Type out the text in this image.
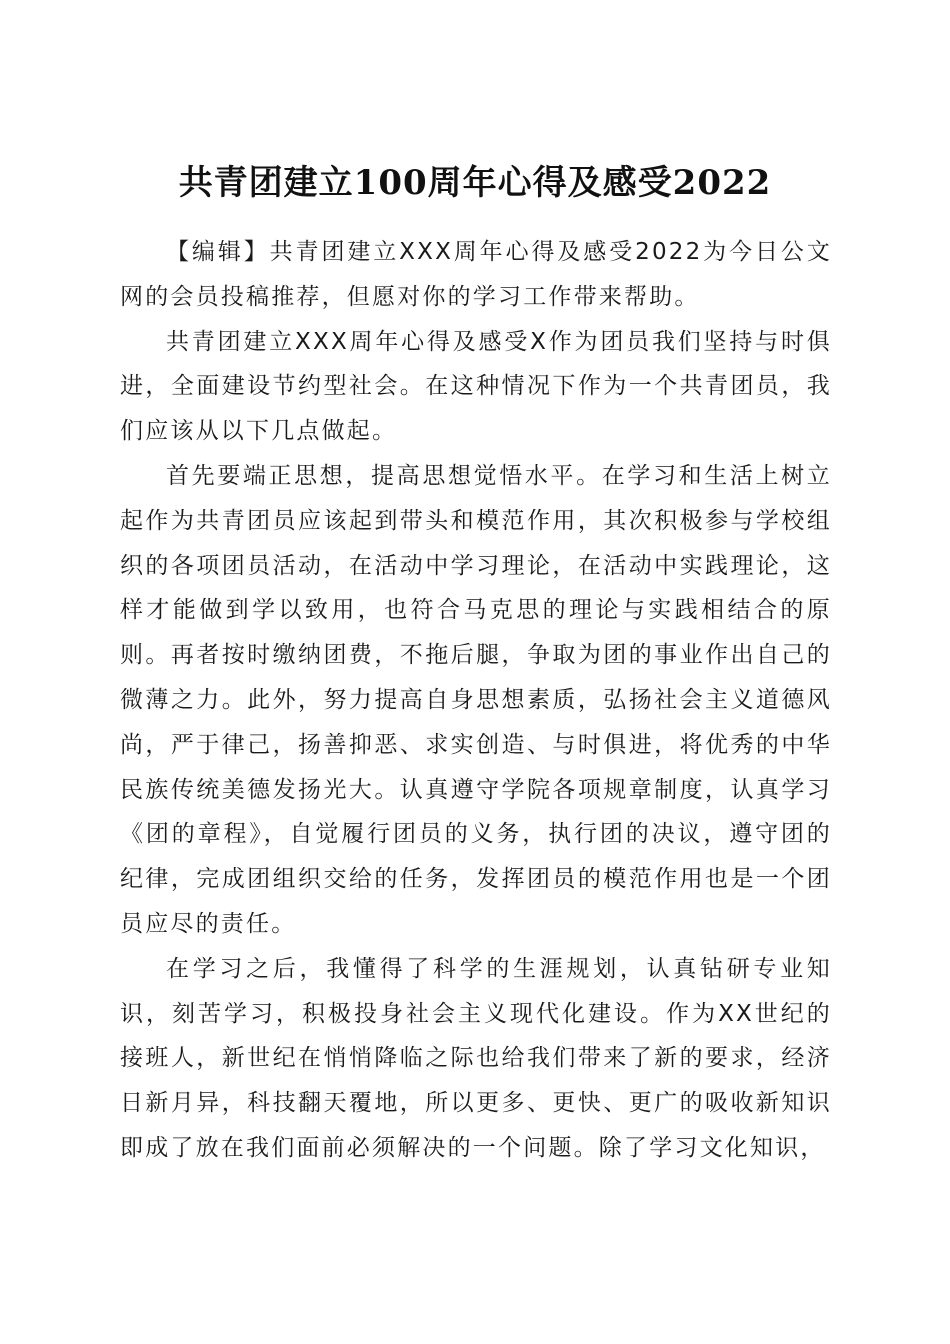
共青团建立100周年心得及感受2022

【编辑】共青团建立XXX周年心得及感受2022为今日公文网的会员投稿推荐，但愿对你的学习工作带来帮助。

共青团建立XXX周年心得及感受X作为团员我们坚持与时俱进，全面建设节约型社会。在这种情况下作为一个共青团员，我们应该从以下几点做起。

首先要端正思想，提高思想觉悟水平。在学习和生活上树立起作为共青团员应该起到带头和模范作用，其次积极参与学校组织的各项团员活动，在活动中学习理论，在活动中实践理论，这样才能做到学以致用，也符合马克思的理论与实践相结合的原则。再者按时缴纳团费，不拖后腿，争取为团的事业作出自己的微薄之力。此外，努力提高自身思想素质，弘扬社会主义道德风尚，严于律己，扬善抑恶、求实创造、与时俱进，将优秀的中华民族传统美德发扬光大。认真遵守学院各项规章制度，认真学习《团的章程》，自觉履行团员的义务，执行团的决议，遵守团的纪律，完成团组织交给的任务，发挥团员的模范作用也是一个团员应尽的责任。

在学习之后，我懂得了科学的生涯规划，认真钻研专业知识，刻苦学习，积极投身社会主义现代化建设。作为XX世纪的接班人，新世纪在悄悄降临之际也给我们带来了新的要求，经济日新月异，科技翻天覆地，所以更多、更快、更广的吸收新知识即成了放在我们面前必须解决的一个问题。除了学习文化知识，
